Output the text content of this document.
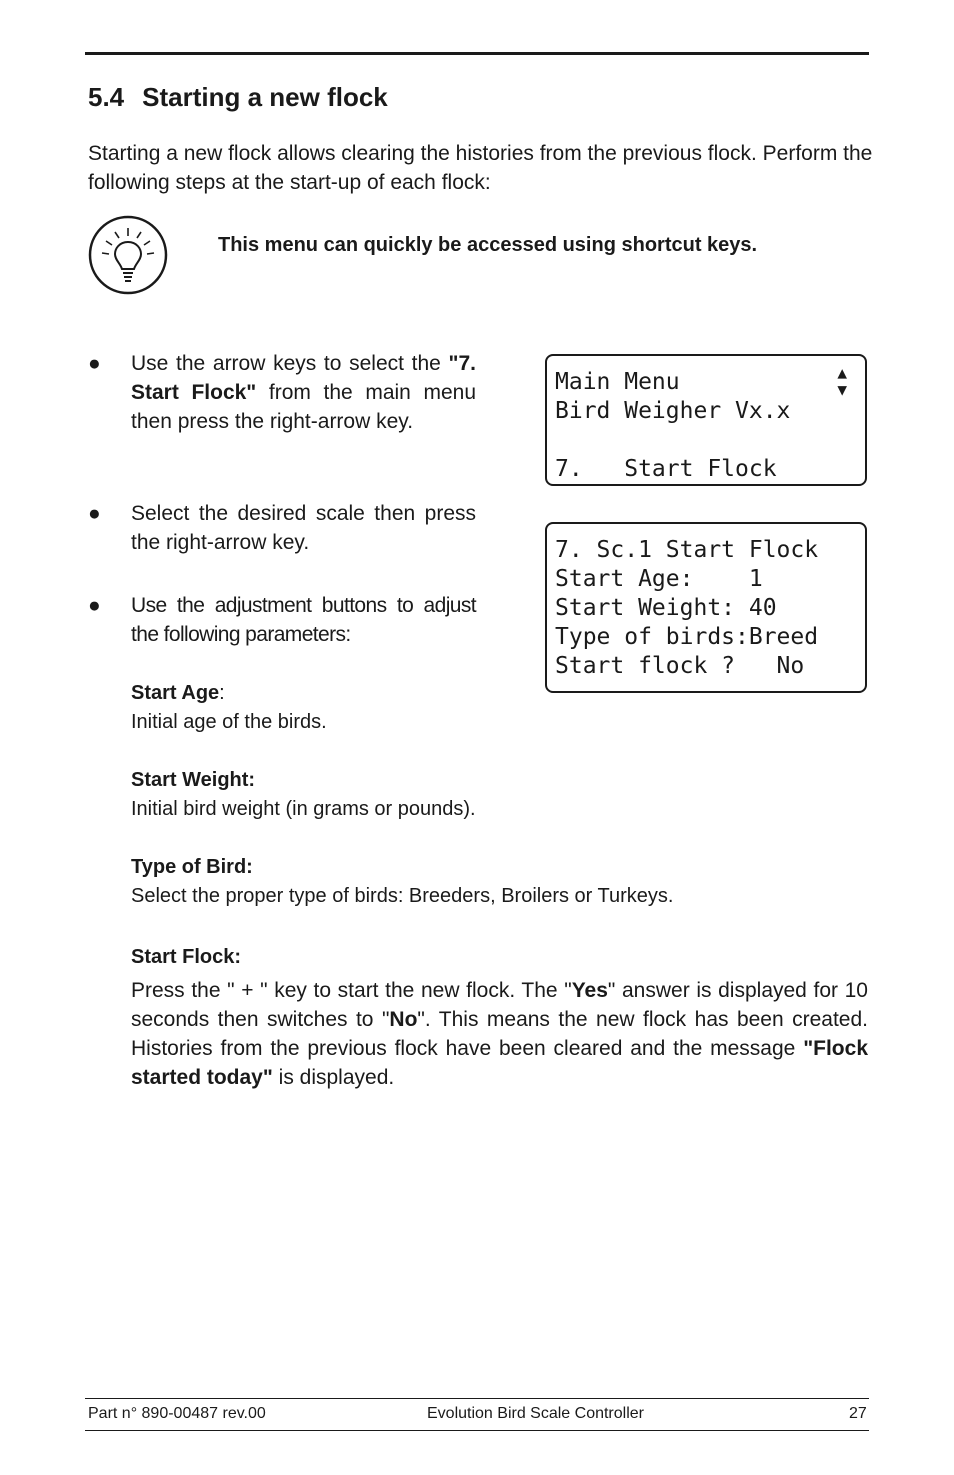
5.4 Starting a new flock
Starting a new flock allows clearing the histories from the previous flock. Perform the following steps at the start-up of each flock:
This menu can quickly be accessed using shortcut keys.
● Use the arrow keys to select the "7. Start Flock" from the main menu then press the right-arrow key.
● Select the desired scale then press the right-arrow key.
● Use the adjustment buttons to adjust the following parameters:
▲
▼
Main Menu
Bird Weigher Vx.x
7.   Start Flock
7. Sc.1 Start Flock
Start Age:    1
Start Weight: 40
Type of birds:Breed
Start flock ?   No
Start Age:
Initial age of the birds.
Start Weight:
Initial bird weight (in grams or pounds).
Type of Bird:
Select the proper type of birds: Breeders, Broilers or Turkeys.
Start Flock:
Press the " + " key to start the new flock. The "Yes" answer is displayed for 10 seconds then switches to "No". This means the new flock has been created. Histories from the previous flock have been cleared and the message "Flock started today" is displayed.
Part n° 890-00487 rev.00	Evolution Bird Scale Controller	27
